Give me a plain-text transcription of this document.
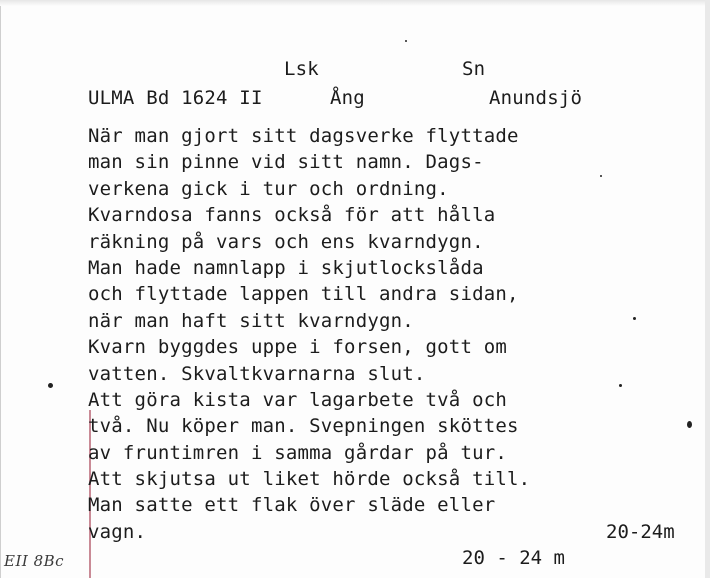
Lsk	Sn
ULMA Bd 1624 II	Ång	Anundsjö
När man gjort sitt dagsverke flyttade
man sin pinne vid sitt namn. Dags-
verkena gick i tur och ordning.
Kvarndosa fanns också för att hålla
räkning på vars och ens kvarndygn.
Man hade namnlapp i skjutlockslåda
och flyttade lappen till andra sidan,
när man haft sitt kvarndygn.
Kvarn byggdes uppe i forsen, gott om
vatten. Skvaltkvarnarna slut.
Att göra kista var lagarbete två och
två. Nu köper man. Svepningen sköttes
av fruntimren i samma gårdar på tur.
Att skjutsa ut liket hörde också till.
Man satte ett flak över släde eller
vagn.	20-24m
20 - 24 m
EII 8Bc
